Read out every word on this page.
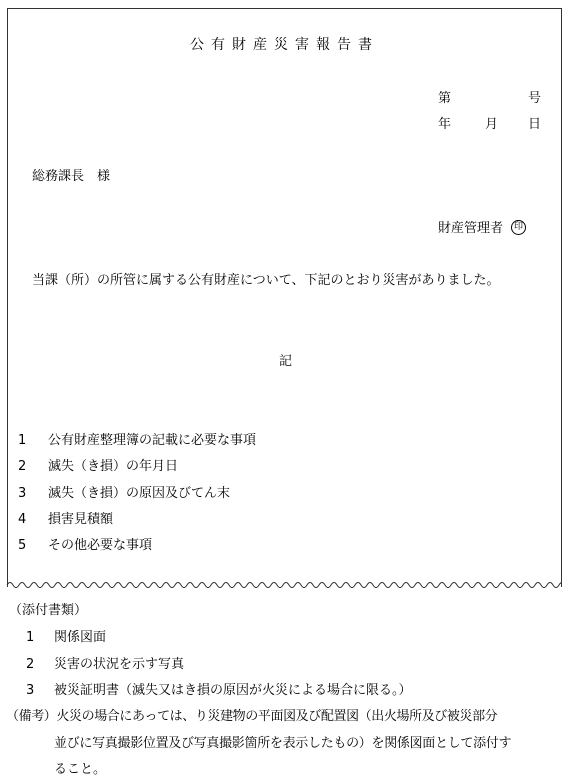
公有財産災害報告書
第	号
年	月 日
総務課長　様
財産管理者 印
当課（所）の所管に属する公有財産について、下記のとおり災害がありました。
記
1 公有財産整理簿の記載に必要な事項
2 滅失（き損）の年月日
3 滅失（き損）の原因及びてん末
4 損害見積額
5 その他必要な事項
（添付書類）
1 関係図面
2 災害の状況を示す写真
3 被災証明書（滅失又はき損の原因が火災による場合に限る。）
（備考）火災の場合にあっては、り災建物の平面図及び配置図（出火場所及び被災部分
並びに写真撮影位置及び写真撮影箇所を表示したもの）を関係図面として添付す
ること。
